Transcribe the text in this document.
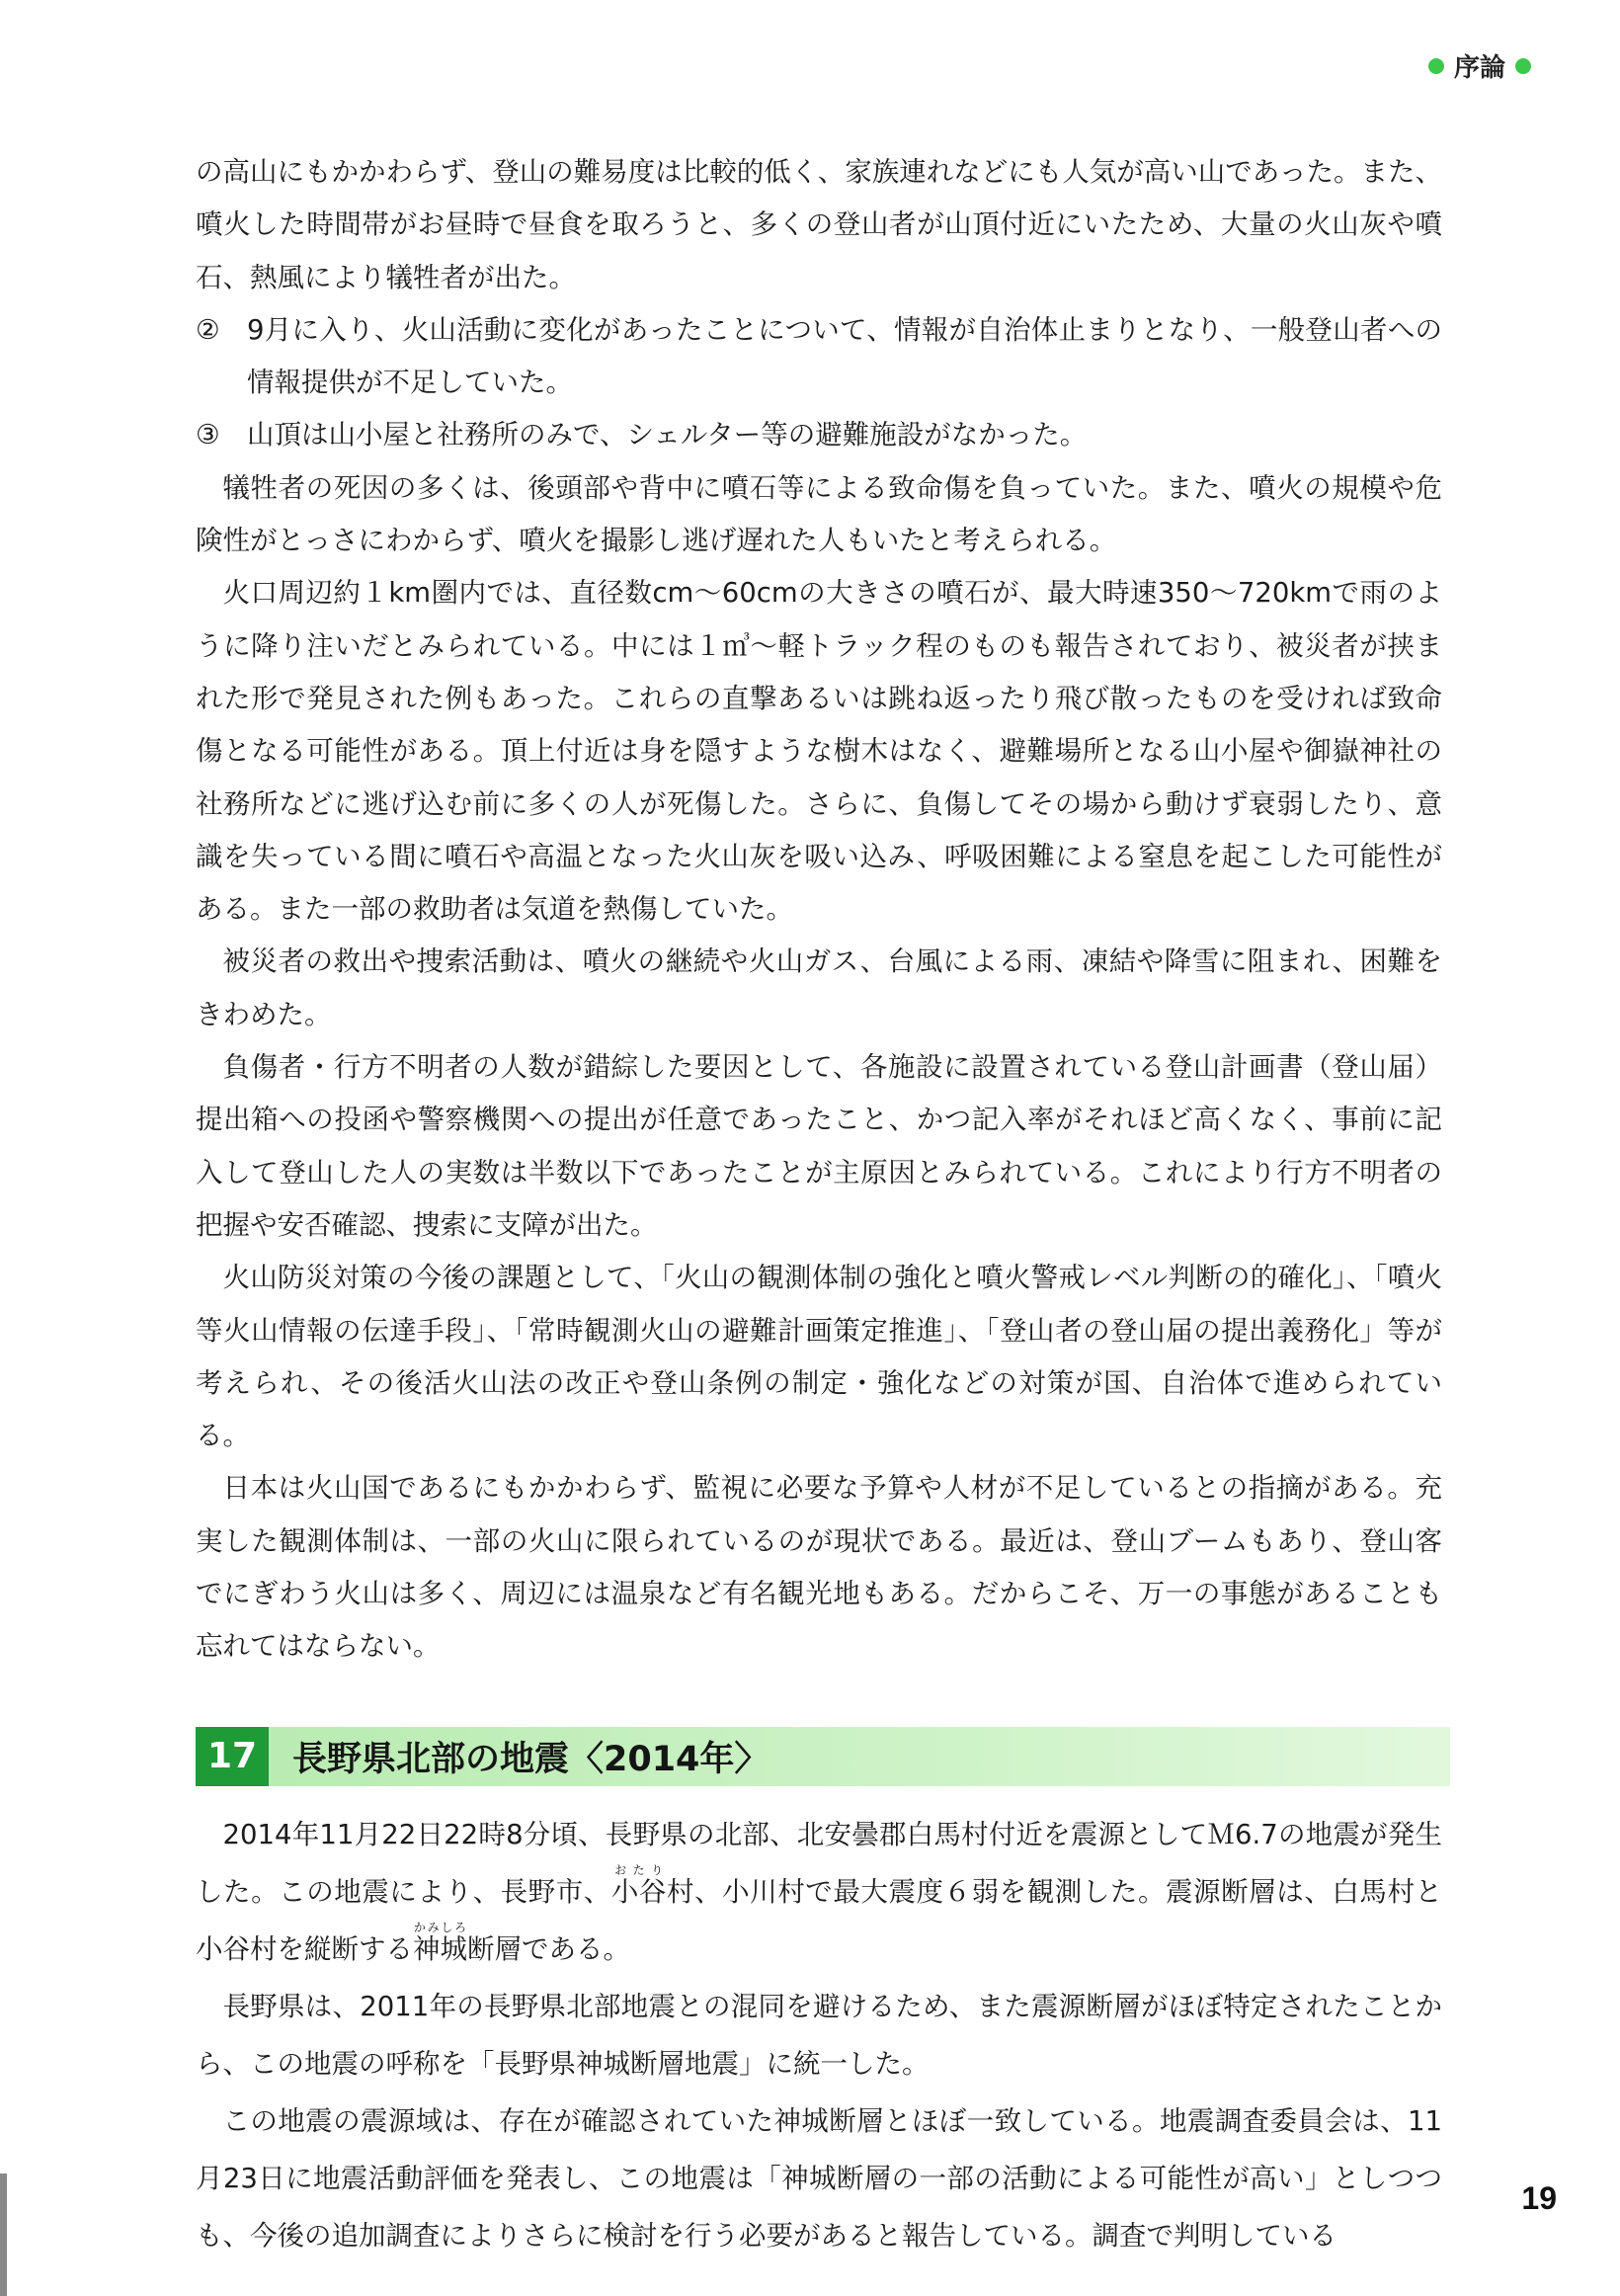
序論

の高山にもかかわらず、登山の難易度は比較的低く、家族連れなどにも人気が高い山であった。また、噴火した時間帯がお昼時で昼食を取ろうと、多くの登山者が山頂付近にいたため、大量の火山灰や噴石、熱風により犠牲者が出た。

② 9月に入り、火山活動に変化があったことについて、情報が自治体止まりとなり、一般登山者への情報提供が不足していた。
③ 山頂は山小屋と社務所のみで、シェルター等の避難施設がなかった。

犠牲者の死因の多くは、後頭部や背中に噴石等による致命傷を負っていた。また、噴火の規模や危険性がとっさにわからず、噴火を撮影し逃げ遅れた人もいたと考えられる。

火口周辺約１km圏内では、直径数cm～60cmの大きさの噴石が、最大時速350～720kmで雨のように降り注いだとみられている。中には１㎥～軽トラック程のものも報告されており、被災者が挟まれた形で発見された例もあった。これらの直撃あるいは跳ね返ったり飛び散ったものを受ければ致命傷となる可能性がある。頂上付近は身を隠すような樹木はなく、避難場所となる山小屋や御嶽神社の社務所などに逃げ込む前に多くの人が死傷した。さらに、負傷してその場から動けず衰弱したり、意識を失っている間に噴石や高温となった火山灰を吸い込み、呼吸困難による窒息を起こした可能性がある。また一部の救助者は気道を熱傷していた。

被災者の救出や捜索活動は、噴火の継続や火山ガス、台風による雨、凍結や降雪に阻まれ、困難をきわめた。

負傷者・行方不明者の人数が錯綜した要因として、各施設に設置されている登山計画書（登山届）提出箱への投函や警察機関への提出が任意であったこと、かつ記入率がそれほど高くなく、事前に記入して登山した人の実数は半数以下であったことが主原因とみられている。これにより行方不明者の把握や安否確認、捜索に支障が出た。

火山防災対策の今後の課題として、「火山の観測体制の強化と噴火警戒レベル判断の的確化」、「噴火等火山情報の伝達手段」、「常時観測火山の避難計画策定推進」、「登山者の登山届の提出義務化」等が考えられ、その後活火山法の改正や登山条例の制定・強化などの対策が国、自治体で進められている。

日本は火山国であるにもかかわらず、監視に必要な予算や人材が不足しているとの指摘がある。充実した観測体制は、一部の火山に限られているのが現状である。最近は、登山ブームもあり、登山客でにぎわう火山は多く、周辺には温泉など有名観光地もある。だからこそ、万一の事態があることも忘れてはならない。

17	長野県北部の地震〈2014年〉

2014年11月22日22時8分頃、長野県の北部、北安曇郡白馬村付近を震源としてＭ6.7の地震が発生した。この地震により、長野市、小谷おたり村、小川村で最大震度６弱を観測した。震源断層は、白馬村と小谷村を縦断する神城かみしろ断層である。

長野県は、2011年の長野県北部地震との混同を避けるため、また震源断層がほぼ特定されたことから、この地震の呼称を「長野県神城断層地震」に統一した。

この地震の震源域は、存在が確認されていた神城断層とほぼ一致している。地震調査委員会は、11月23日に地震活動評価を発表し、この地震は「神城断層の一部の活動による可能性が高い」としつつも、今後の追加調査によりさらに検討を行う必要があると報告している。調査で判明している

19
